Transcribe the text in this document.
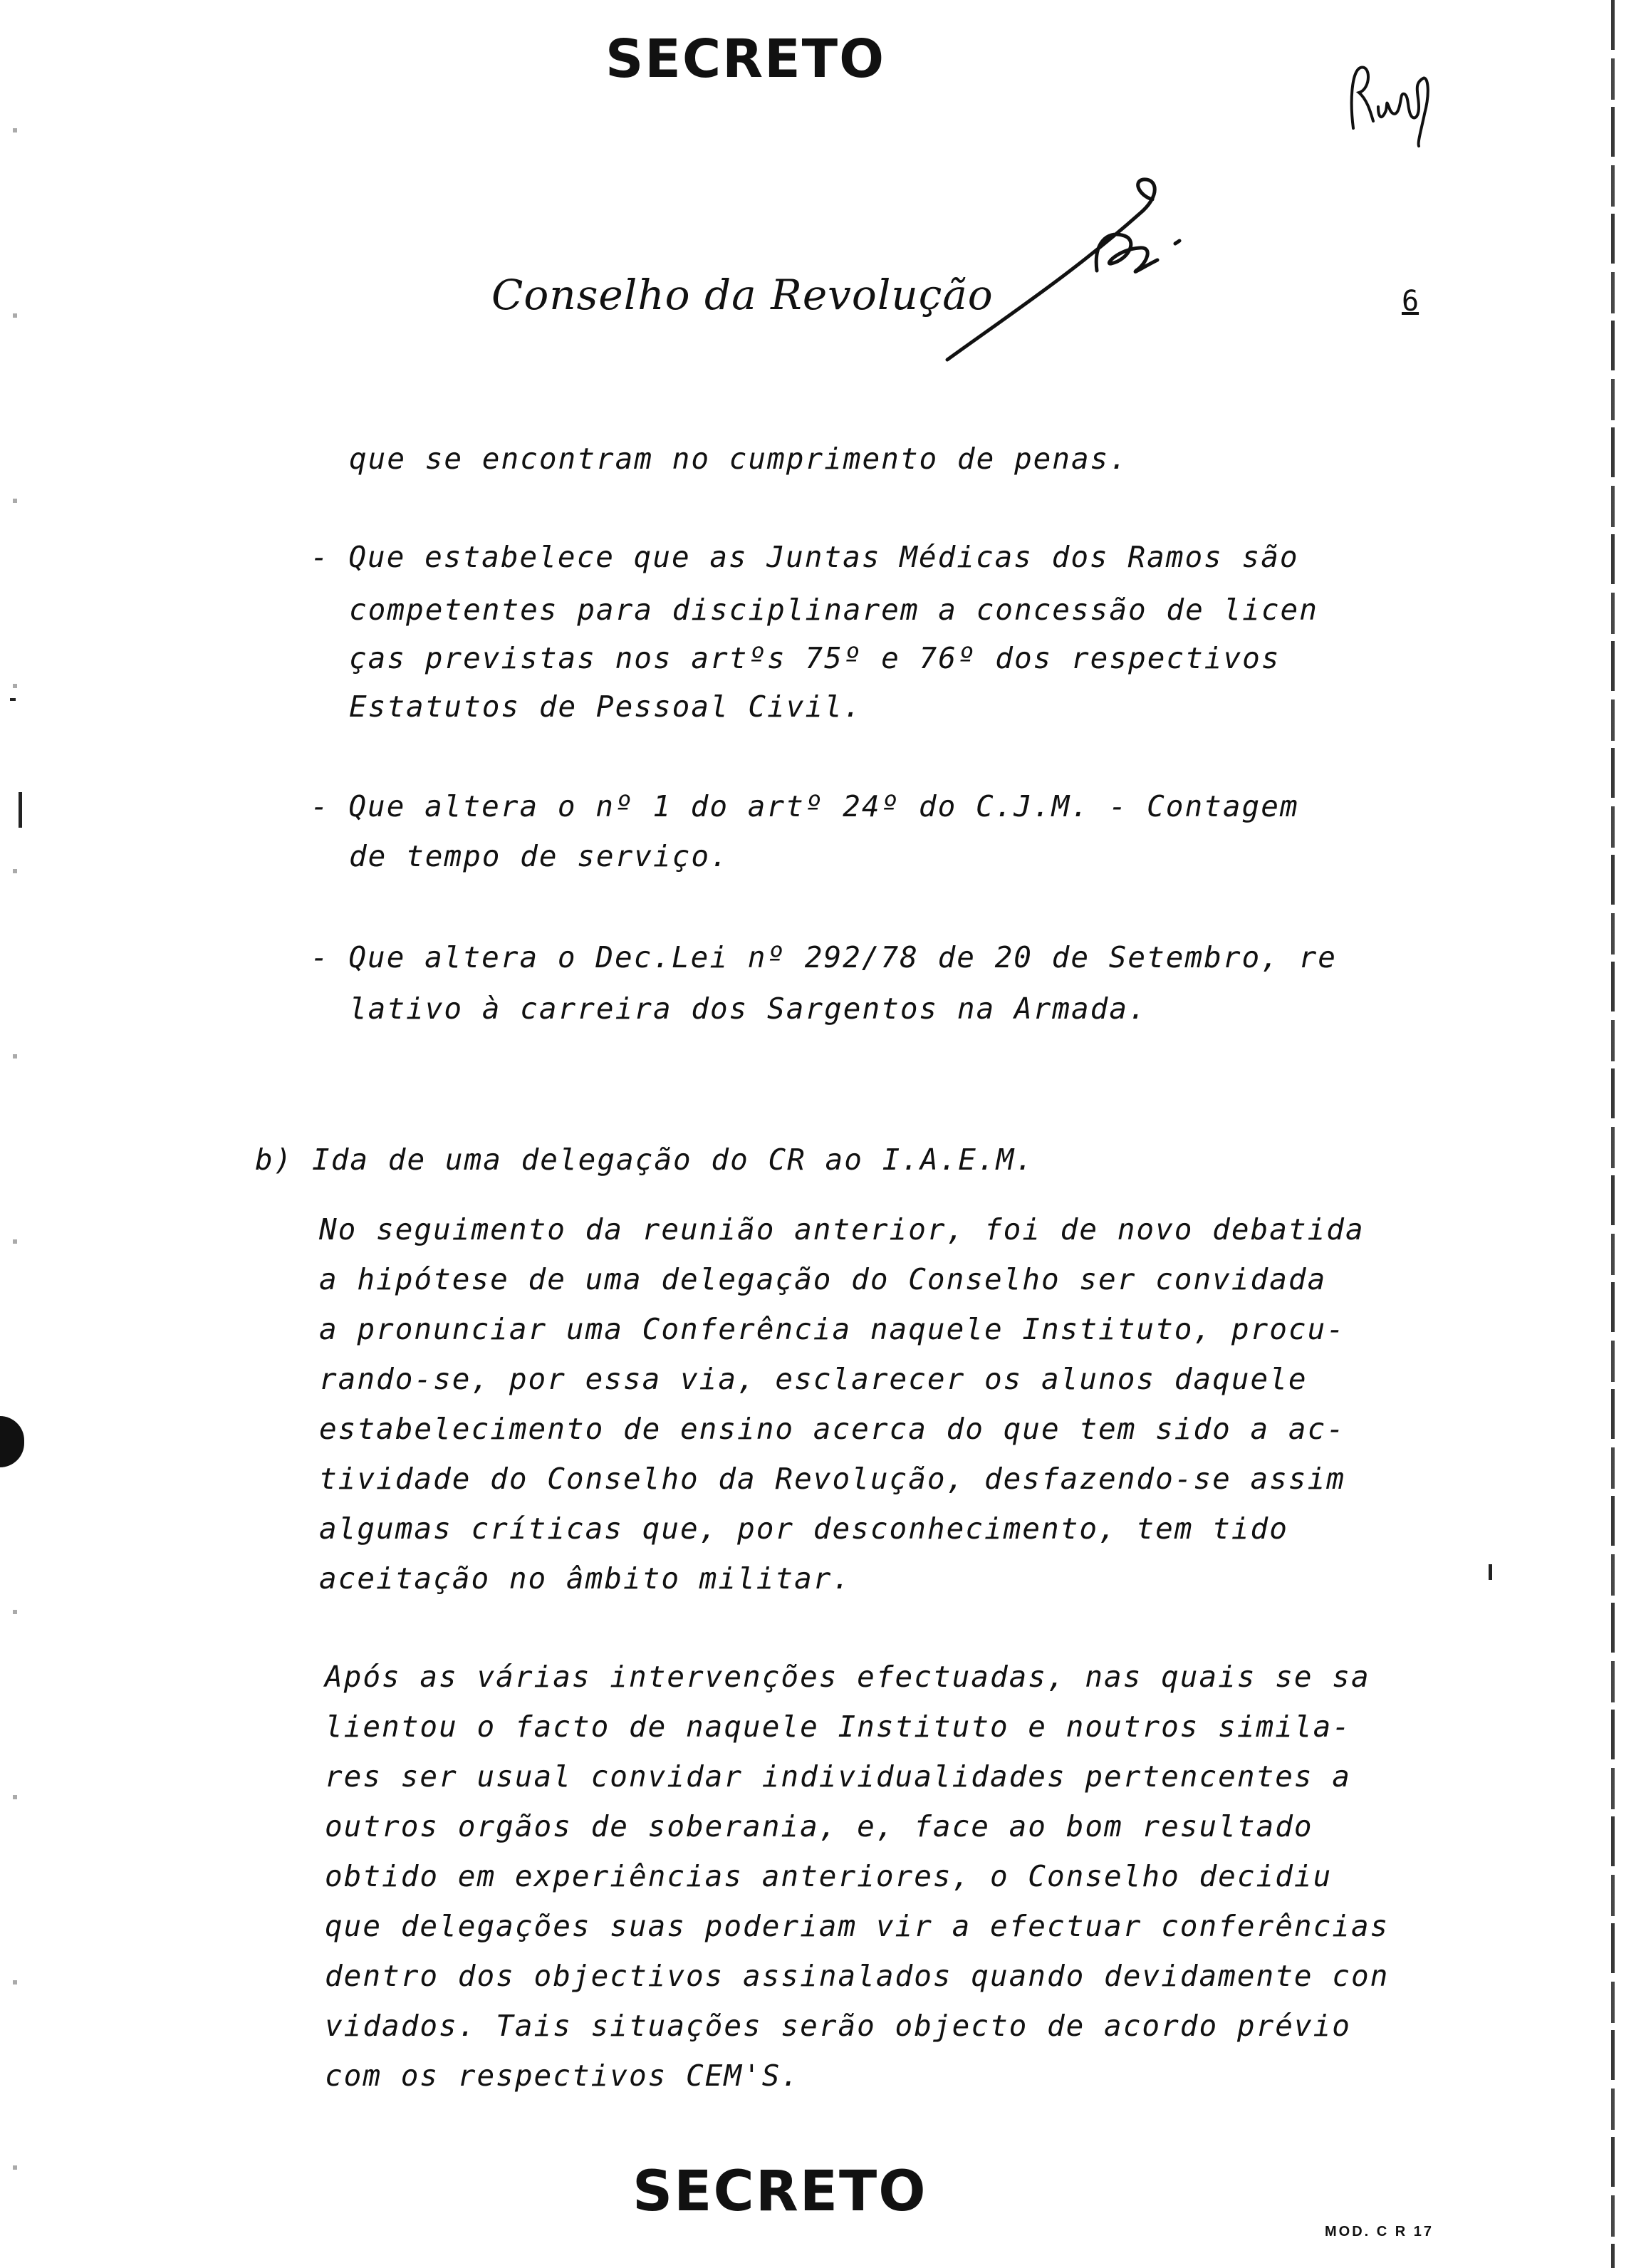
SECRETO
Conselho da Revolução	6
que se encontram no cumprimento de penas.
- Que estabelece que as Juntas Médicas dos Ramos são
competentes para disciplinarem a concessão de licen
ças previstas nos artºs 75º e 76º dos respectivos
Estatutos de Pessoal Civil.
- Que altera o nº 1 do artº 24º do C.J.M. - Contagem
de tempo de serviço.
- Que altera o Dec.Lei nº 292/78 de 20 de Setembro, re
lativo à carreira dos Sargentos na Armada.
b) Ida de uma delegação do CR ao I.A.E.M.
No seguimento da reunião anterior, foi de novo debatida
a hipótese de uma delegação do Conselho ser convidada
a pronunciar uma Conferência naquele Instituto, procu-
rando-se, por essa via, esclarecer os alunos daquele
estabelecimento de ensino acerca do que tem sido a ac-
tividade do Conselho da Revolução, desfazendo-se assim
algumas críticas que, por desconhecimento, tem tido
aceitação no âmbito militar.
Após as várias intervenções efectuadas, nas quais se sa
lientou o facto de naquele Instituto e noutros simila-
res ser usual convidar individualidades pertencentes a
outros orgãos de soberania, e, face ao bom resultado
obtido em experiências anteriores, o Conselho decidiu
que delegações suas poderiam vir a efectuar conferências
dentro dos objectivos assinalados quando devidamente con
vidados. Tais situações serão objecto de acordo prévio
com os respectivos CEM'S.
SECRETO
MOD. C R 17
